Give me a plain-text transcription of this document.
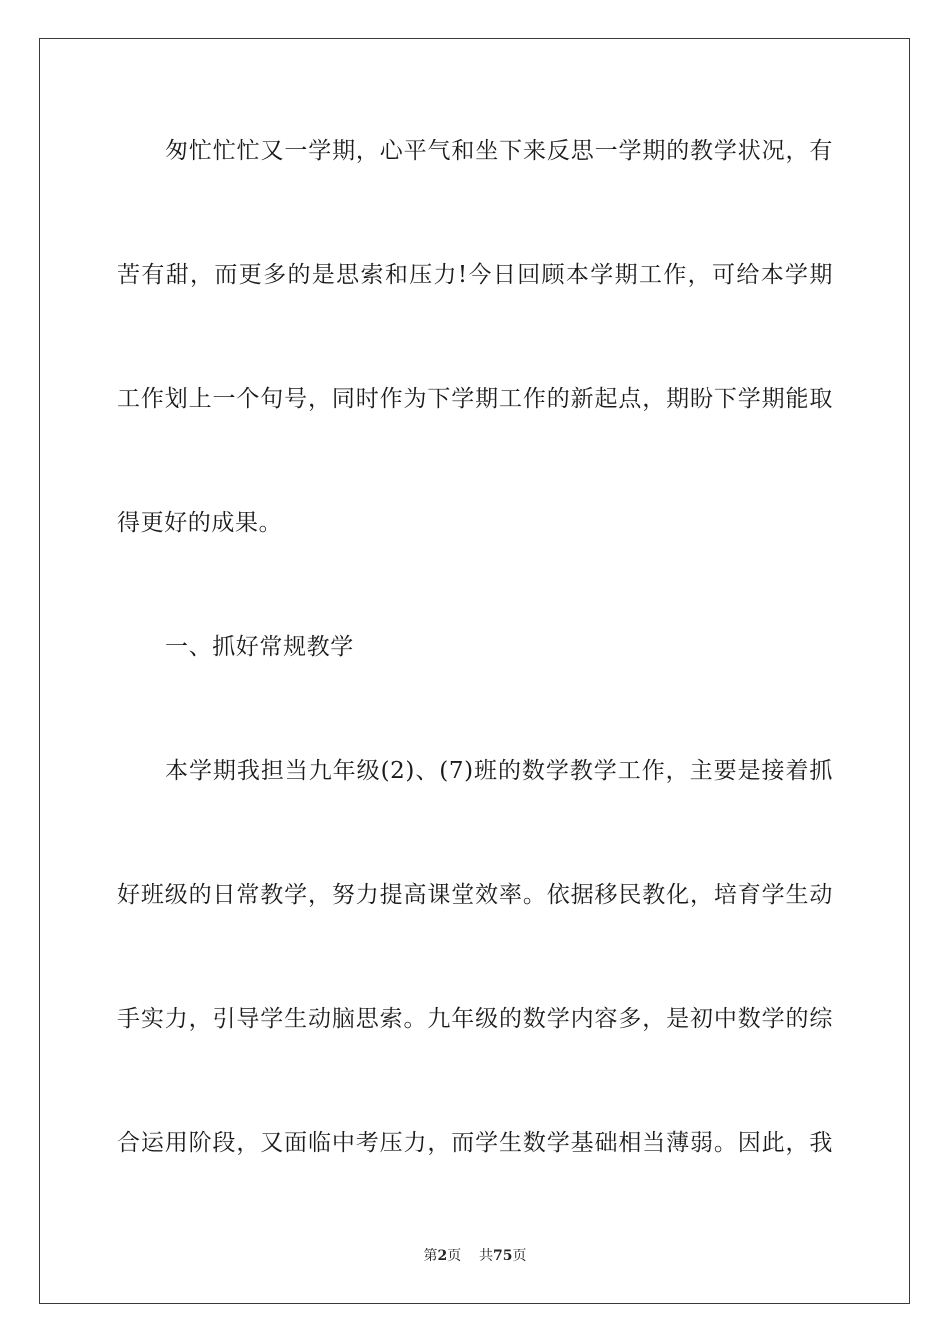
匆忙忙忙又一学期，心平气和坐下来反思一学期的教学状况，有
苦有甜，而更多的是思索和压力!今日回顾本学期工作，可给本学期
工作划上一个句号，同时作为下学期工作的新起点，期盼下学期能取
得更好的成果。
一、抓好常规教学
本学期我担当九年级(2)、(7)班的数学教学工作，主要是接着抓
好班级的日常教学，努力提高课堂效率。依据移民教化，培育学生动
手实力，引导学生动脑思索。九年级的数学内容多，是初中数学的综
合运用阶段，又面临中考压力，而学生数学基础相当薄弱。因此，我
第2页 共75页
